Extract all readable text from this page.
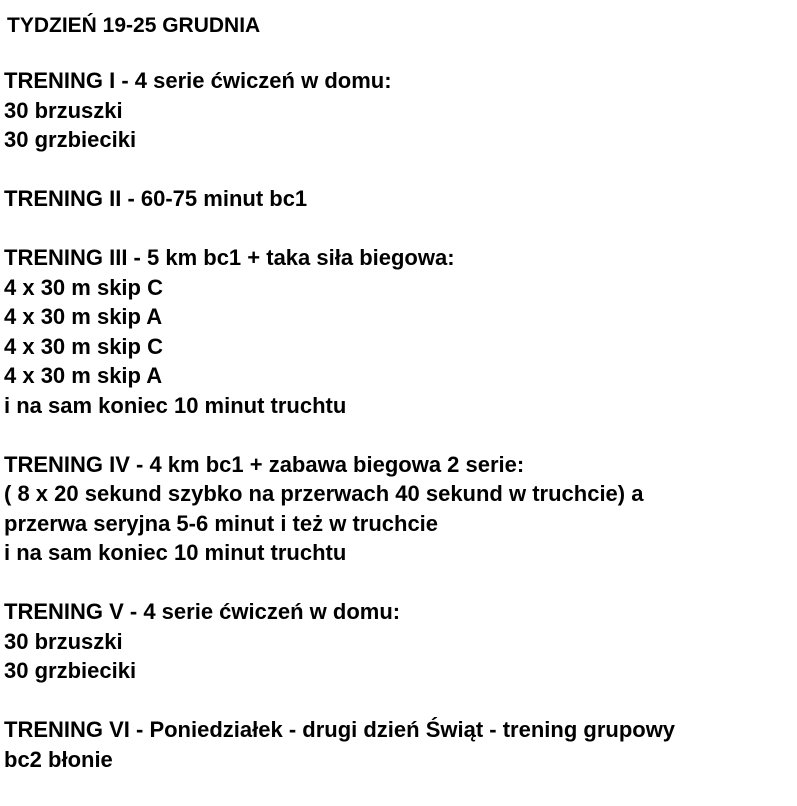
TYDZIEŃ 19-25 GRUDNIA
TRENING I - 4 serie ćwiczeń w domu:
30 brzuszki
30 grzbieciki
TRENING II - 60-75 minut bc1
TRENING III - 5 km bc1 + taka siła biegowa:
4 x 30 m skip C
4 x 30 m skip A
4 x 30 m skip C
4 x 30 m skip A
i na sam koniec 10 minut truchtu
TRENING IV - 4 km bc1 + zabawa biegowa 2 serie:
( 8 x 20 sekund szybko na przerwach 40 sekund w truchcie) a
przerwa seryjna 5-6 minut i też w truchcie
i na sam koniec 10 minut truchtu
TRENING V - 4 serie ćwiczeń w domu:
30 brzuszki
30 grzbieciki
TRENING VI - Poniedziałek - drugi dzień Świąt - trening grupowy
bc2 błonie
